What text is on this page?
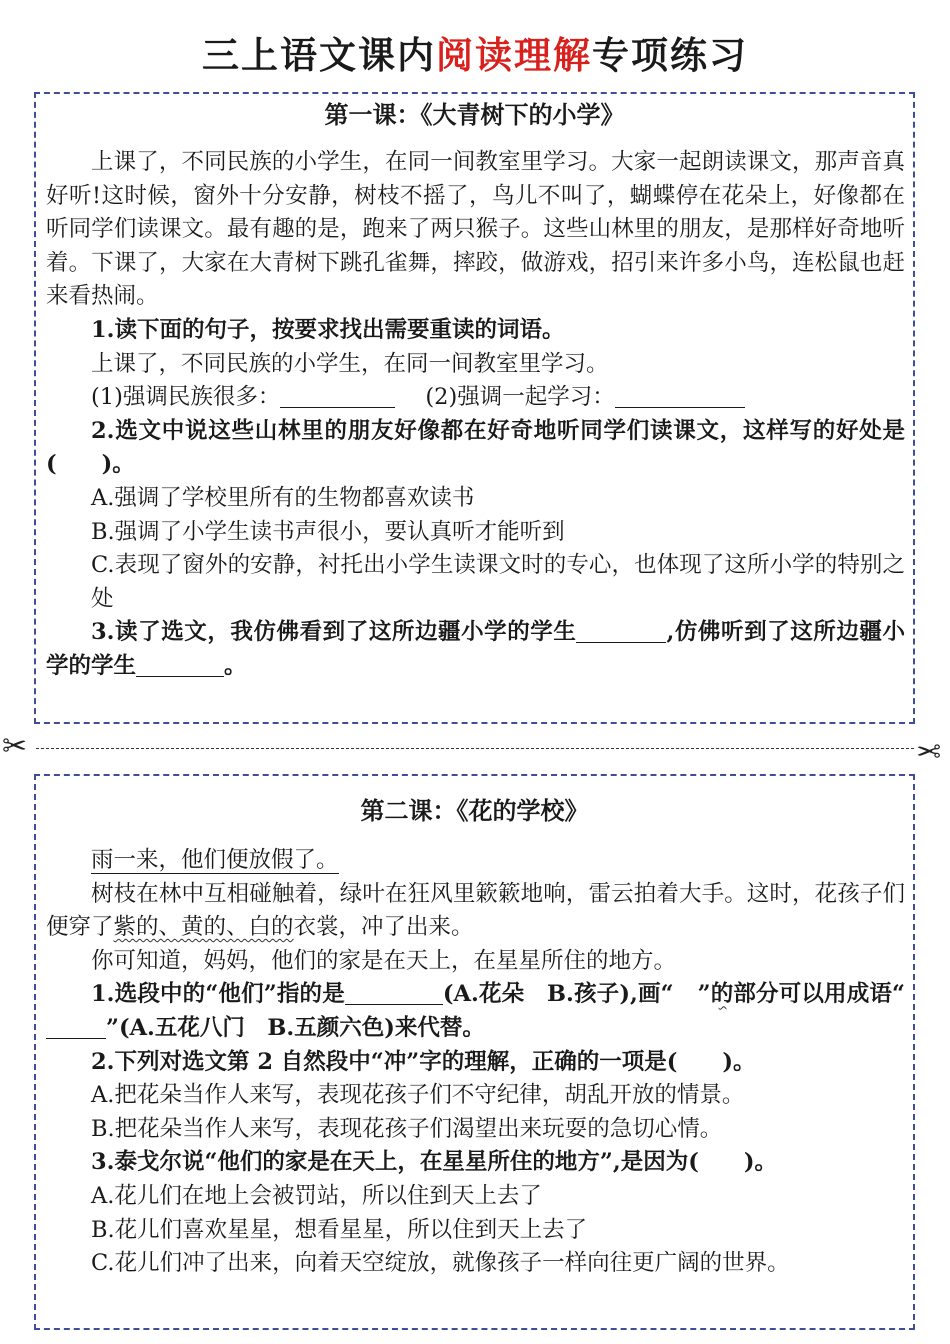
三上语文课内阅读理解专项练习
第一课：《大青树下的小学》

上课了，不同民族的小学生，在同一间教室里学习。大家一起朗读课文，那声音真好听!这时候，窗外十分安静，树枝不摇了，鸟儿不叫了，蝴蝶停在花朵上，好像都在听同学们读课文。最有趣的是，跑来了两只猴子。这些山林里的朋友，是那样好奇地听着。下课了，大家在大青树下跳孔雀舞，摔跤，做游戏，招引来许多小鸟，连松鼠也赶来看热闹。

1.读下面的句子，按要求找出需要重读的词语。

上课了，不同民族的小学生，在同一间教室里学习。

(1)强调民族很多：	(2)强调一起学习：

2.选文中说这些山林里的朋友好像都在好奇地听同学们读课文，这样写的好处是(　　)。

A.强调了学校里所有的生物都喜欢读书

B.强调了小学生读书声很小，要认真听才能听到

C.表现了窗外的安静，衬托出小学生读课文时的专心，也体现了这所小学的特别之处

3.读了选文，我仿佛看到了这所边疆小学的学生	,仿佛听到了这所边疆小学的学生	。

✂	✂
第二课：《花的学校》

雨一来，他们便放假了。

树枝在林中互相碰触着，绿叶在狂风里簌簌地响，雷云拍着大手。这时，花孩子们便穿了紫的、黄的、白的衣裳，冲了出来。

你可知道，妈妈，他们的家是在天上，在星星所住的地方。

1.选段中的“他们”指的是	(A.花朵　B.孩子),画“ ”的部分可以用成语“”(A.五花八门　B.五颜六色)来代替。

2.下列对选文第 2 自然段中“冲”字的理解，正确的一项是(　　)。

A.把花朵当作人来写，表现花孩子们不守纪律，胡乱开放的情景。

B.把花朵当作人来写，表现花孩子们渴望出来玩耍的急切心情。

3.泰戈尔说“他们的家是在天上，在星星所住的地方”,是因为(　　)。

A.花儿们在地上会被罚站，所以住到天上去了

B.花儿们喜欢星星，想看星星，所以住到天上去了

C.花儿们冲了出来，向着天空绽放，就像孩子一样向往更广阔的世界。
